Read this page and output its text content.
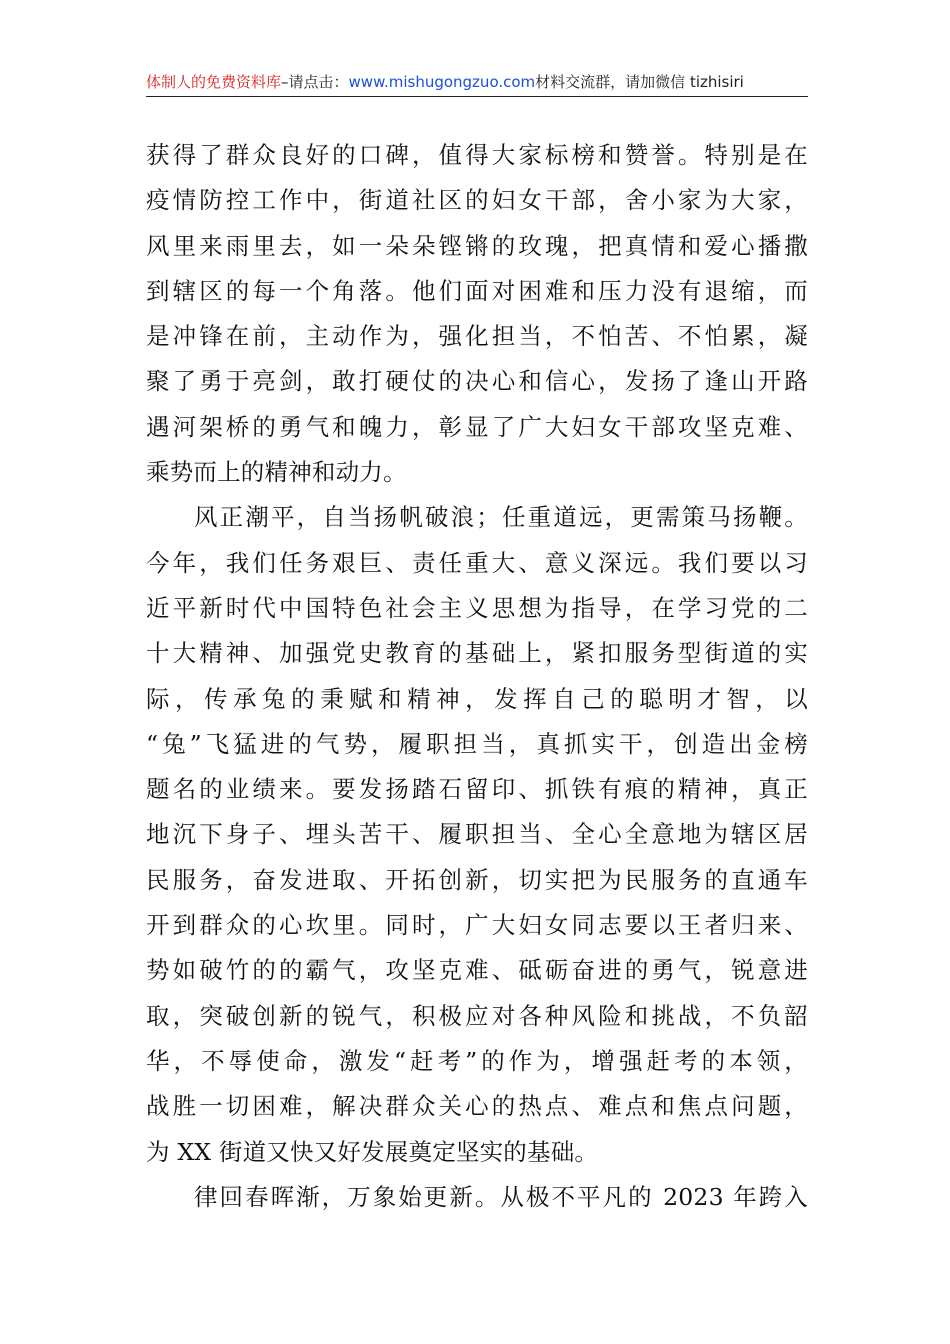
体制人的免费资料库–请点击：www.mishugongzuo.com材料交流群，请加微信 tizhisiri
获得了群众良好的口碑，值得大家标榜和赞誉。特别是在
疫情防控工作中，街道社区的妇女干部，舍小家为大家，
风里来雨里去，如一朵朵铿锵的玫瑰，把真情和爱心播撒
到辖区的每一个角落。他们面对困难和压力没有退缩，而
是冲锋在前，主动作为，强化担当，不怕苦、不怕累，凝
聚了勇于亮剑，敢打硬仗的决心和信心，发扬了逢山开路
遇河架桥的勇气和魄力，彰显了广大妇女干部攻坚克难、
乘势而上的精神和动力。
风正潮平，自当扬帆破浪；任重道远，更需策马扬鞭。
今年，我们任务艰巨、责任重大、意义深远。我们要以习
近平新时代中国特色社会主义思想为指导，在学习党的二
十大精神、加强党史教育的基础上，紧扣服务型街道的实
际，传承兔的秉赋和精神，发挥自己的聪明才智，以
“兔”飞猛进的气势，履职担当，真抓实干，创造出金榜
题名的业绩来。要发扬踏石留印、抓铁有痕的精神，真正
地沉下身子、埋头苦干、履职担当、全心全意地为辖区居
民服务，奋发进取、开拓创新，切实把为民服务的直通车
开到群众的心坎里。同时，广大妇女同志要以王者归来、
势如破竹的的霸气，攻坚克难、砥砺奋进的勇气，锐意进
取，突破创新的锐气，积极应对各种风险和挑战，不负韶
华，不辱使命，激发“赶考”的作为，增强赶考的本领，
战胜一切困难，解决群众关心的热点、难点和焦点问题，
为 XX 街道又快又好发展奠定坚实的基础。
律回春晖渐，万象始更新。从极不平凡的 2023 年跨入
